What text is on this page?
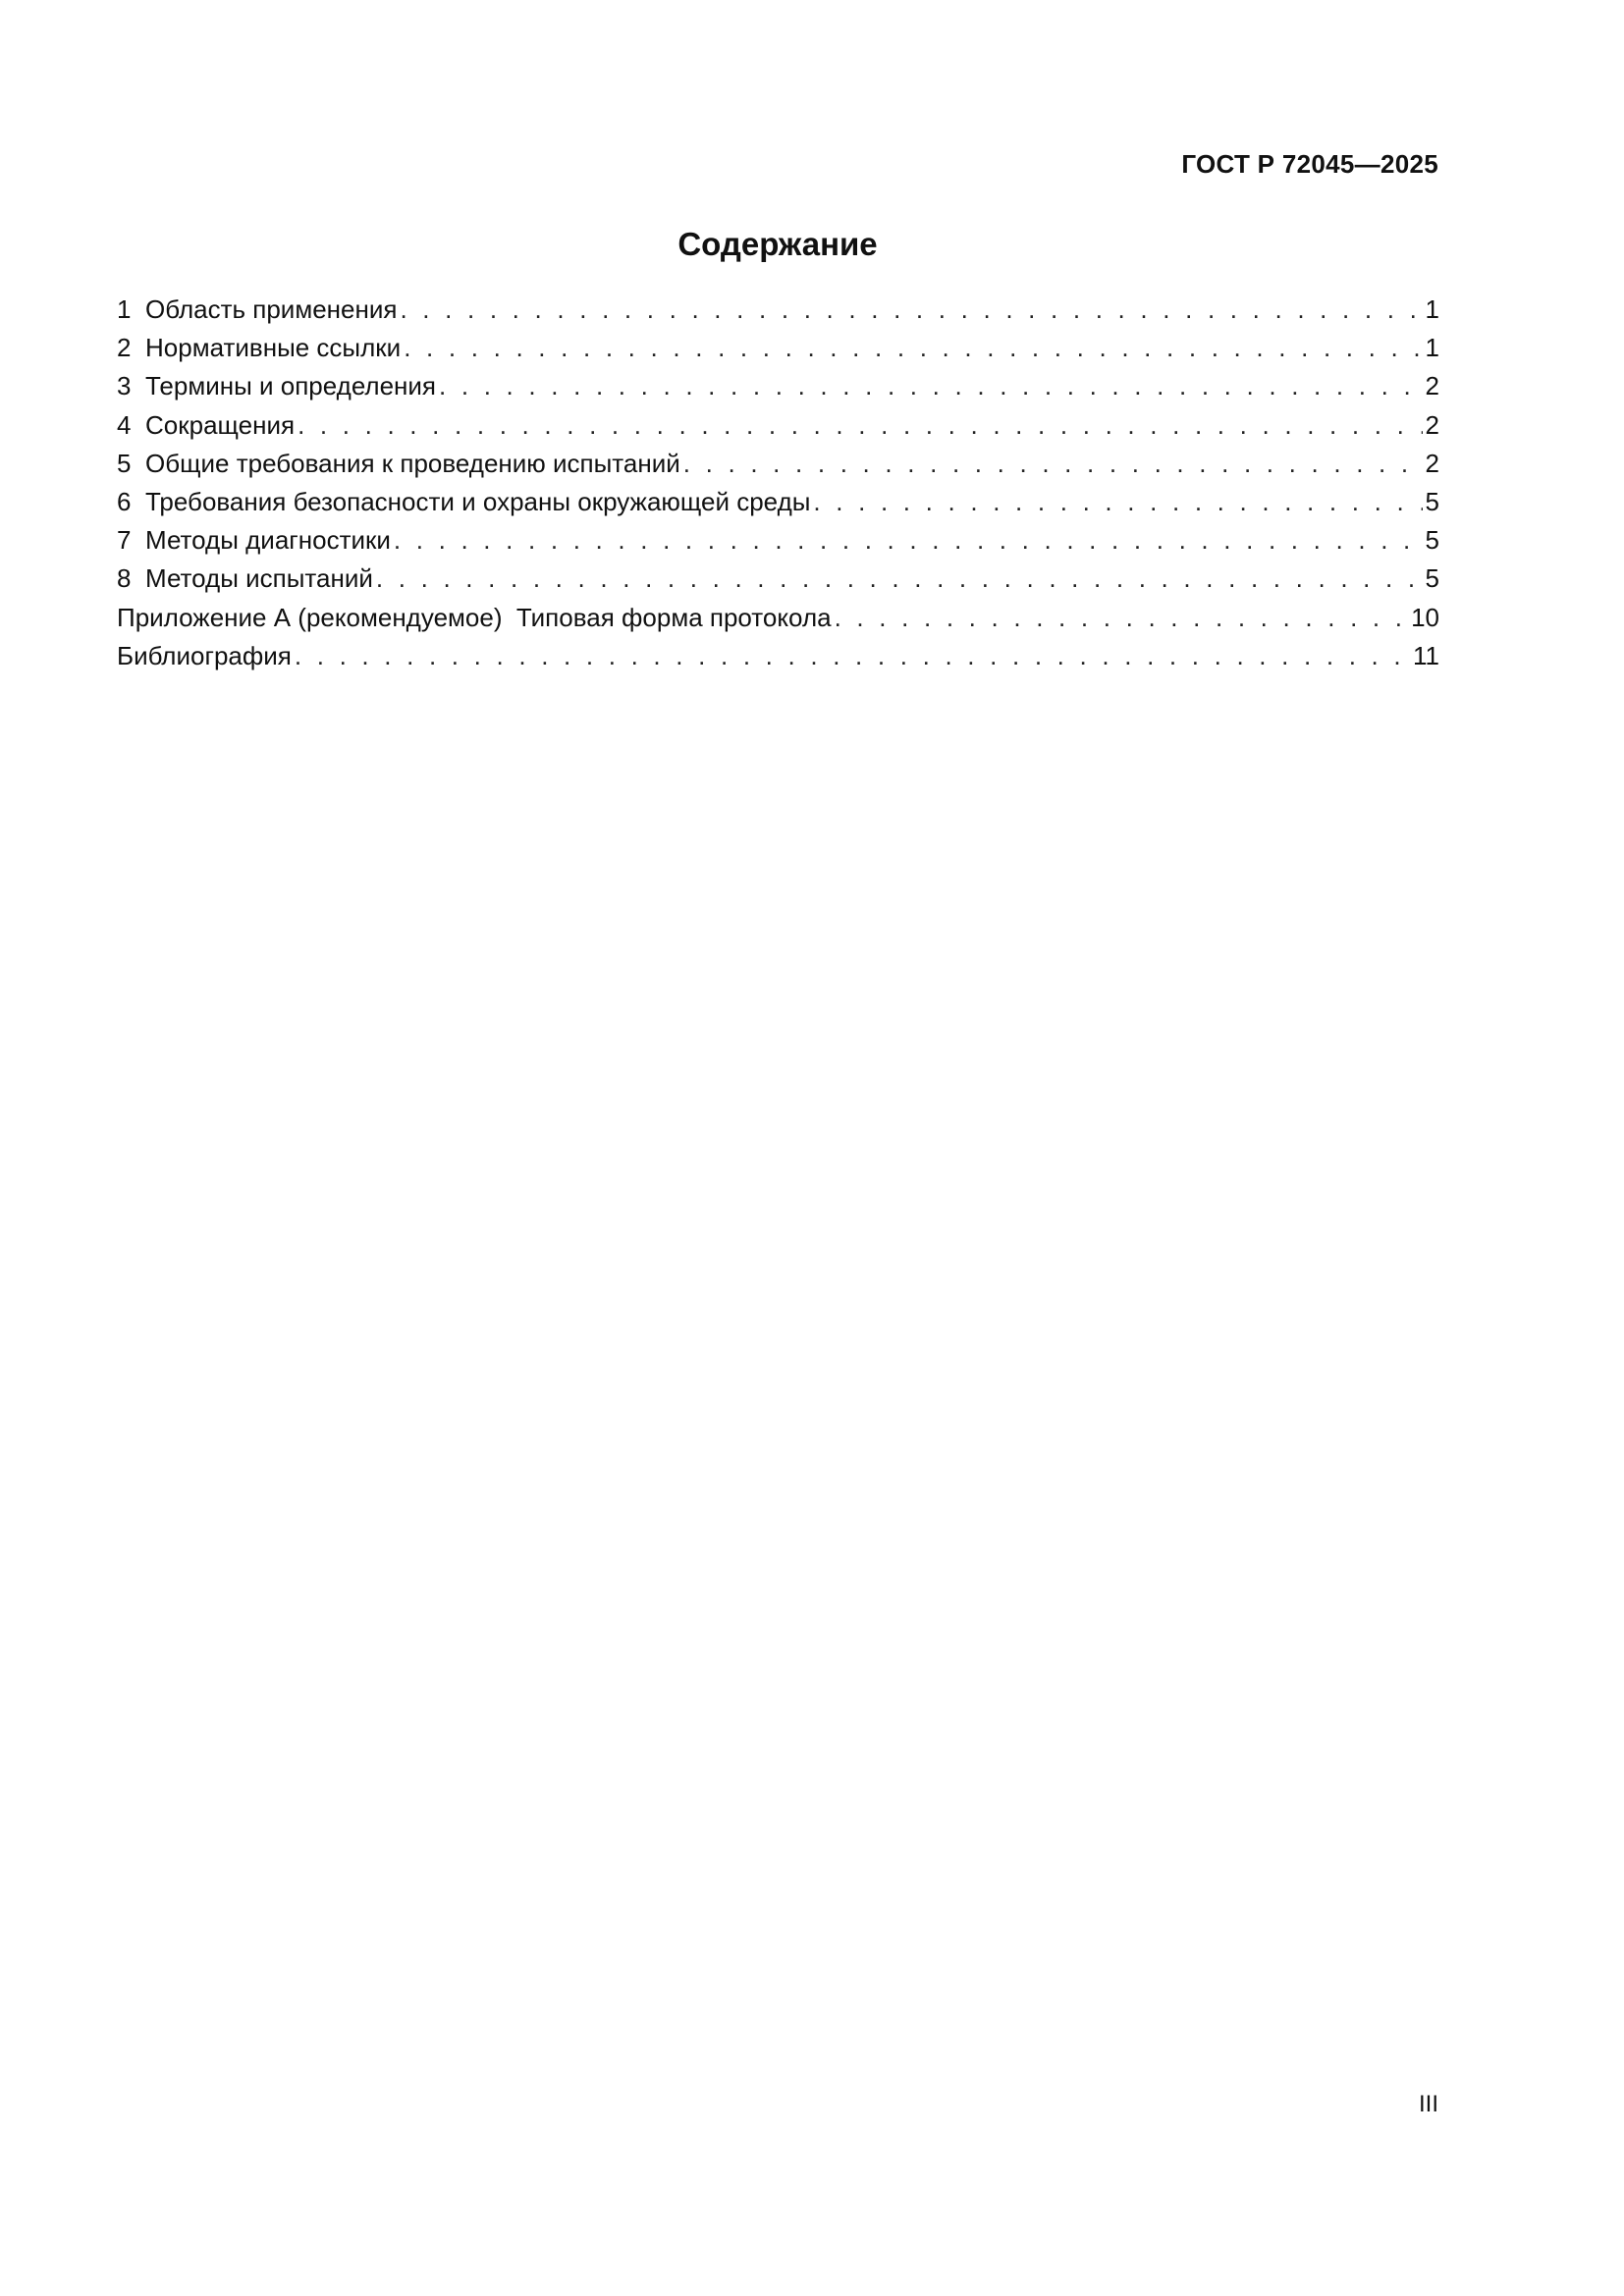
ГОСТ Р 72045—2025
Содержание
1 Область применения . . .	1
2 Нормативные ссылки . . .	1
3 Термины и определения . . .	2
4 Сокращения . . .	2
5 Общие требования к проведению испытаний . . .	2
6 Требования безопасности и охраны окружающей среды . . .	5
7 Методы диагностики . . .	5
8 Методы испытаний . . .	5
Приложение А (рекомендуемое)  Типовая форма протокола . . .	10
Библиография . . .	11
III
